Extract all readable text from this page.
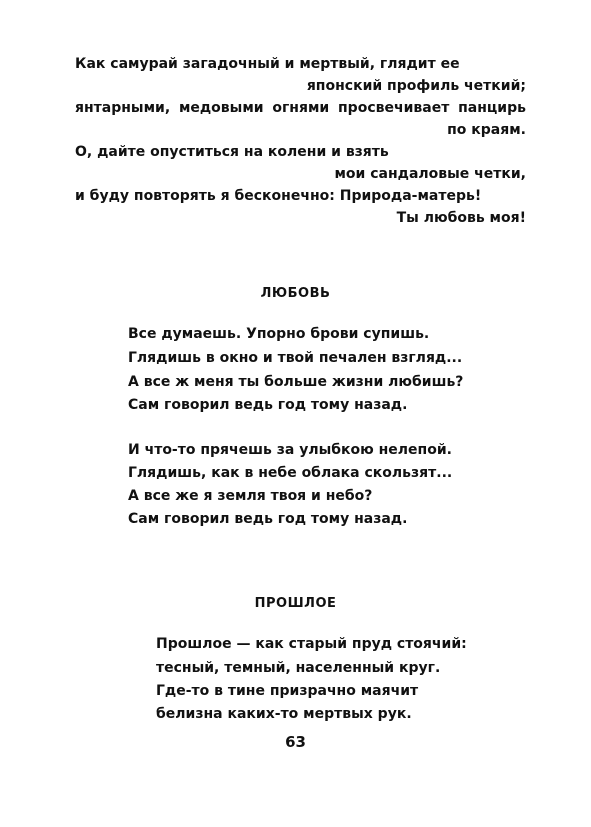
Как самурай загадочный и мертвый, глядит ее
японский профиль четкий;
янтарными, медовыми огнями просвечивает панцирь
по краям.
О, дайте опуститься на колени и взять
мои сандаловые четки,
и буду повторять я бесконечно: Природа-матерь!
Ты любовь моя!
ЛЮБОВЬ
Все думаешь. Упорно брови супишь.
Глядишь в окно и твой печален взгляд...
А все ж меня ты больше жизни любишь?
Сам говорил ведь год тому назад.
И что-то прячешь за улыбкою нелепой.
Глядишь, как в небе облака скользят...
А все же я земля твоя и небо?
Сам говорил ведь год тому назад.
ПРОШЛОЕ
Прошлое — как старый пруд стоячий:
тесный, темный, населенный круг.
Где-то в тине призрачно маячит
белизна каких-то мертвых рук.
63
